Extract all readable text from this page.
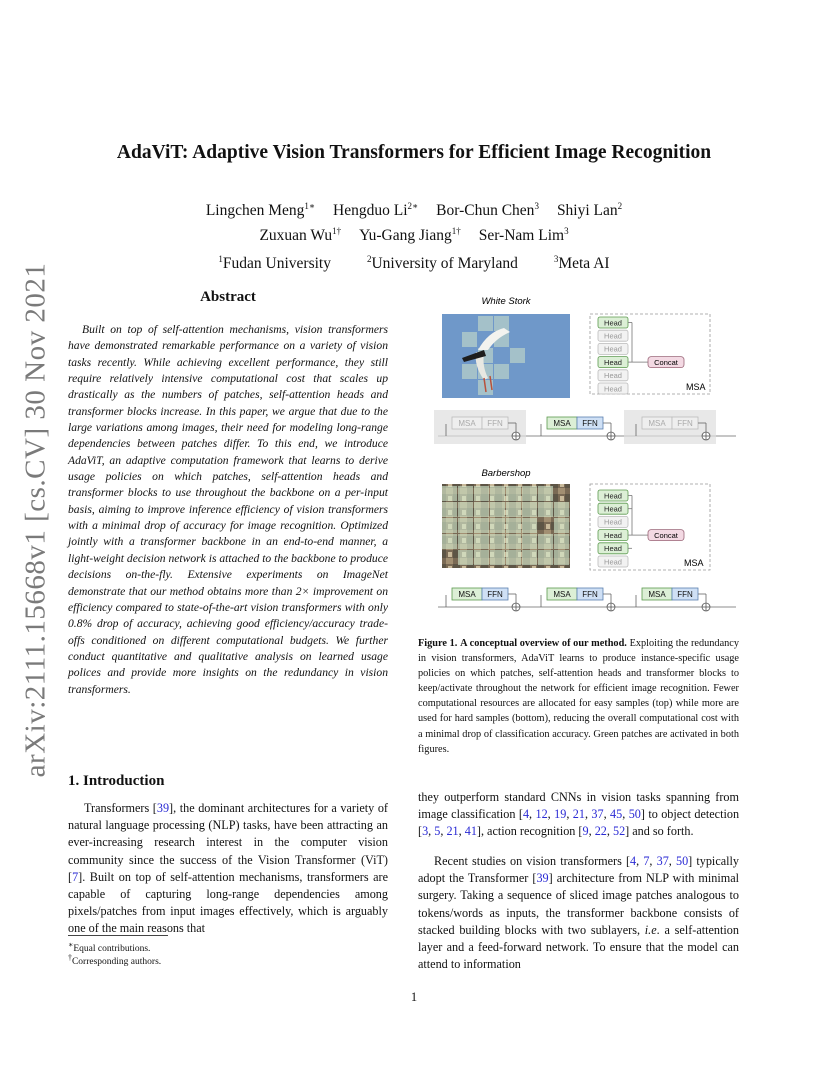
arXiv:2111.15668v1 [cs.CV] 30 Nov 2021
AdaViT: Adaptive Vision Transformers for Efficient Image Recognition
Lingchen Meng$^{1∗}$ Hengduo $Li^{2∗}$ Bor-Chun Chen$^3$ Shiyi Lan$^2$
Zuxuan $Wu^{1\dagger}$ Yu-Gang Jiang$^{1\dagger}$ Ser-Nam Lim$^3$
$^1$Fudan University	$^2$University of Maryland	$^3$Meta AI
Abstract
Built on top of self-attention mechanisms, vision transformers have demonstrated remarkable performance on a variety of vision tasks recently. While achieving excellent performance, they still require relatively intensive computational cost that scales up drastically as the numbers of patches, self-attention heads and transformer blocks increase. In this paper, we argue that due to the large variations among images, their need for modeling long-range dependencies between patches differ. To this end, we introduce AdaViT, an adaptive computation framework that learns to derive usage policies on which patches, self-attention heads and transformer blocks to use throughout the backbone on a per-input basis, aiming to improve inference efficiency of vision transformers with a minimal drop of accuracy for image recognition. Optimized jointly with a transformer backbone in an end-to-end manner, a light-weight decision network is attached to the backbone to produce decisions on-the-fly. Extensive experiments on ImageNet demonstrate that our method obtains more than 2× improvement on efficiency compared to state-of-the-art vision transformers with only 0.8% drop of accuracy, achieving good efficiency/accuracy trade-offs conditioned on different computational budgets. We further conduct quantitative and qualitative analysis on learned usage polices and provide more insights on the redundancy in vision transformers.
1. Introduction
Transformers [39], the dominant architectures for a variety of natural language processing (NLP) tasks, have been attracting an ever-increasing research interest in the computer vision community since the success of the Vision Transformer (ViT) [7]. Built on top of self-attention mechanisms, transformers are capable of capturing long-range dependencies among pixels/patches from input images effectively, which is arguably one of the main reasons that
they outperform standard CNNs in vision tasks spanning from image classification [4, 12, 19, 21, 37, 45, 50] to object detection [3, 5, 21, 41], action recognition [9, 22, 52] and so forth.
Recent studies on vision transformers [4, 7, 37, 50] typically adopt the Transformer [39] architecture from NLP with minimal surgery. Taking a sequence of sliced image patches analogous to tokens/words as inputs, the transformer backbone consists of stacked building blocks with two sublayers, i.e. a self-attention layer and a feed-forward network. To ensure that the model can attend to information
∗Equal contributions.
†Corresponding authors.
1
White Stork
Head
Head
Head
Head
Head
Head
Concat
MSA
MSA FFN	MSA FFN	MSA FFN
Barbershop
Head
Head
Head
Head
Head
Head
Concat
MSA
MSA FFN	MSA FFN	MSA FFN
Figure 1. A conceptual overview of our method. Exploiting the redundancy in vision transformers, AdaViT learns to produce instance-specific usage policies on which patches, self-attention heads and transformer blocks to keep/activate throughout the network for efficient image recognition. Fewer computational resources are allocated for easy samples (top) while more are used for hard samples (bottom), reducing the overall computational cost with a minimal drop of classification accuracy. Green patches are activated in both figures.
